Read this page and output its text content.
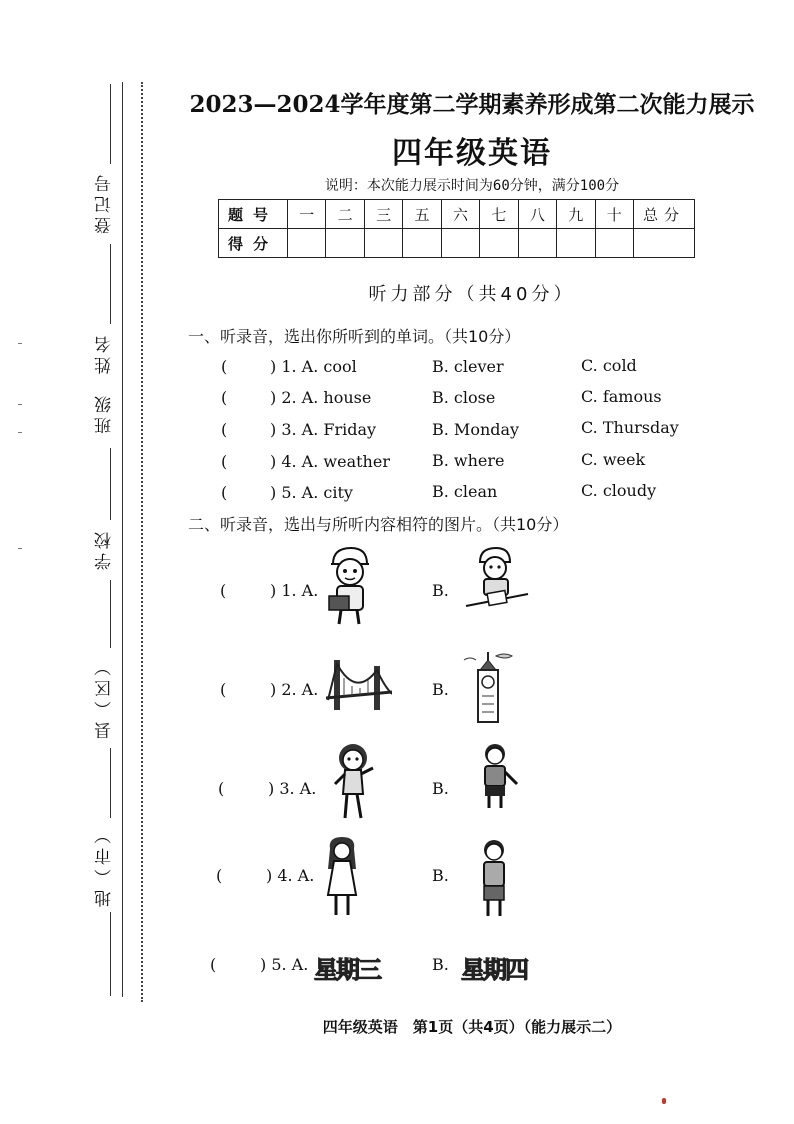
登记号
姓名
班级
学校
县（区）
地（市）
2023—2024学年度第二学期素养形成第二次能力展示
四年级英语
说明：本次能力展示时间为60分钟，满分100分
题号	一	二	三	五	六	七	八	九	十	总分
得分										
听力部分（共40分）
一、听录音，选出你所听到的单词。（共10分）
(	) 1. A. cool	B. clever	C. cold
(	) 2. A. house	B. close	C. famous
(	) 3. A. Friday	B. Monday	C. Thursday
(	) 4. A. weather	B. where	C. week
(	) 5. A. city	B. clean	C. cloudy
二、听录音，选出与所听内容相符的图片。（共10分）
(	) 1. A.	B.
(	) 2. A.	B.
(	) 3. A.	B.
(	) 4. A.	B.
(	) 5. A. 星期三	B. 星期四
四年级英语　第1页（共4页）（能力展示二）
